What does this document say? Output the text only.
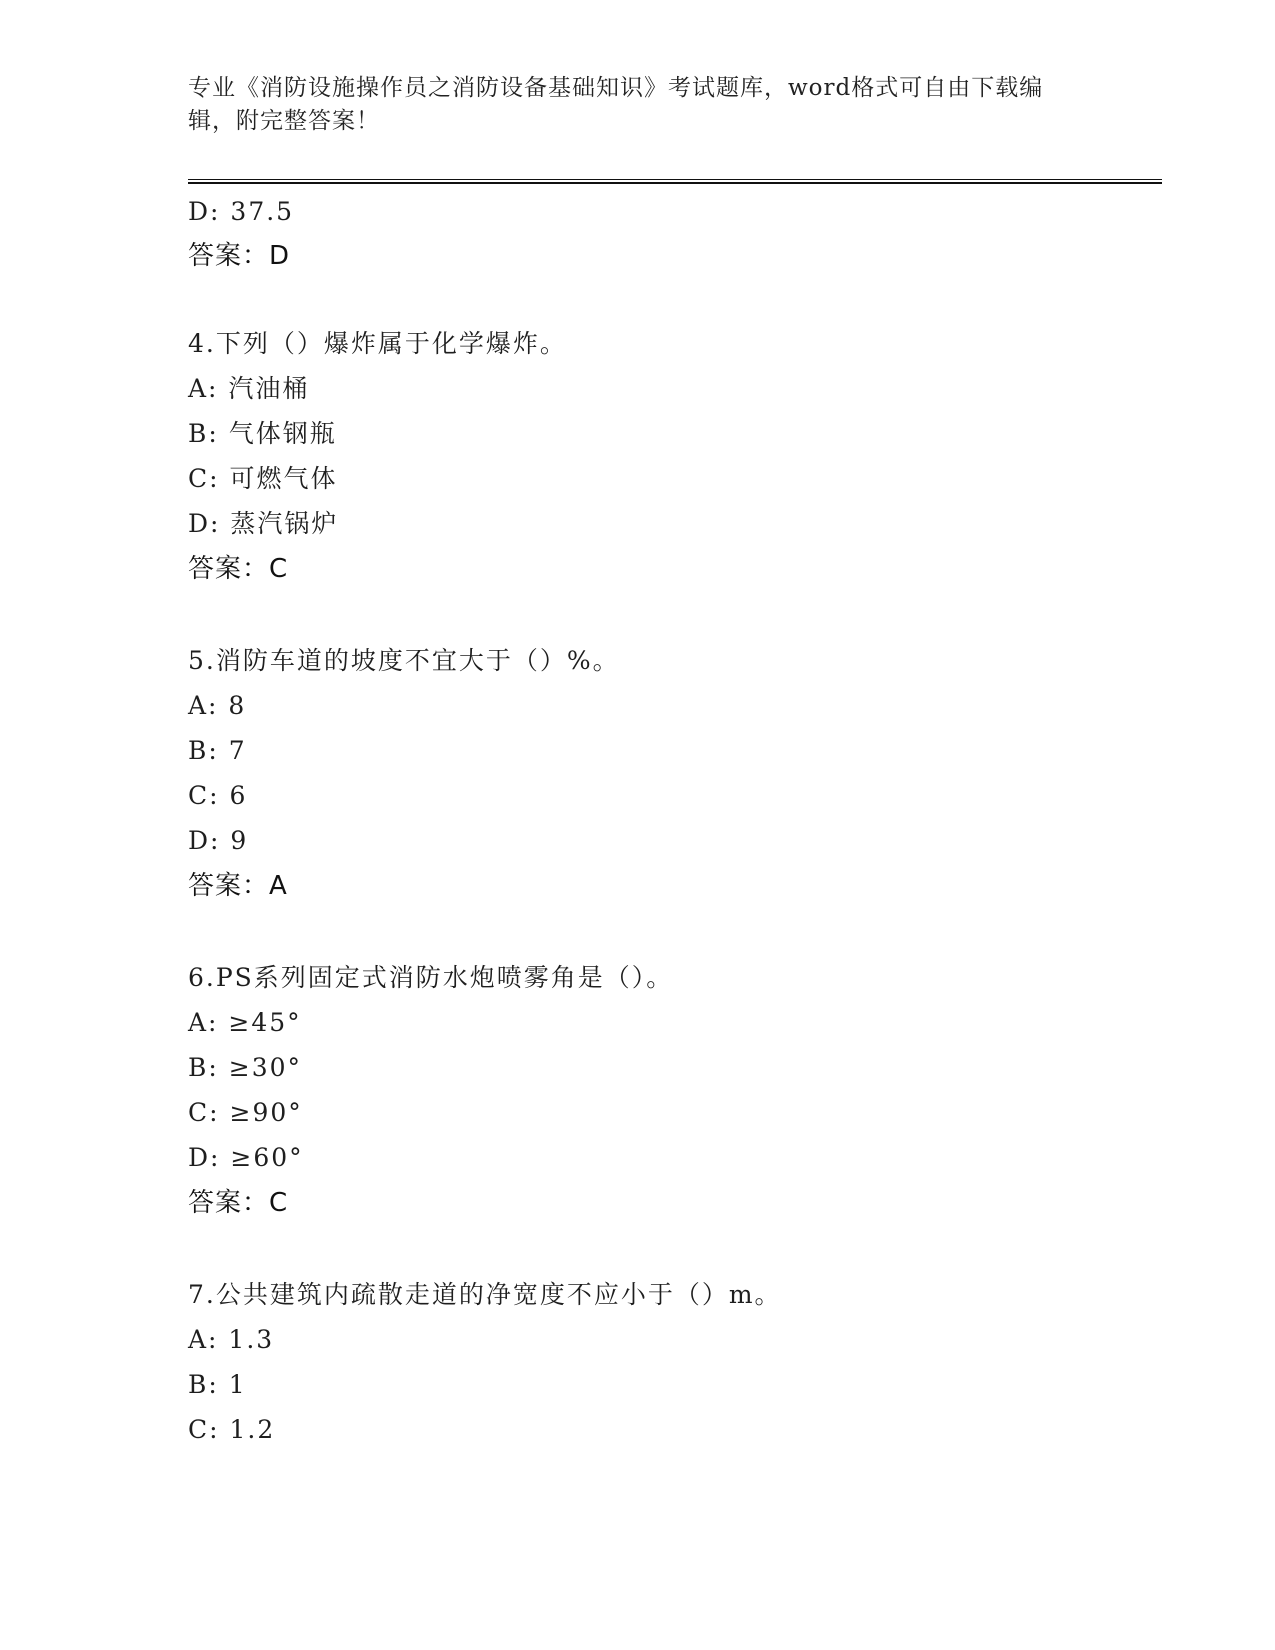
专业《消防设施操作员之消防设备基础知识》考试题库，word格式可自由下载编
辑，附完整答案！
D: 37.5
答案：D
4.下列（）爆炸属于化学爆炸。
A: 汽油桶
B: 气体钢瓶
C: 可燃气体
D: 蒸汽锅炉
答案：C
5.消防车道的坡度不宜大于（）%。
A: 8
B: 7
C: 6
D: 9
答案：A
6.PS系列固定式消防水炮喷雾角是（）。
A: ≥45°
B: ≥30°
C: ≥90°
D: ≥60°
答案：C
7.公共建筑内疏散走道的净宽度不应小于（）m。
A: 1.3
B: 1
C: 1.2
